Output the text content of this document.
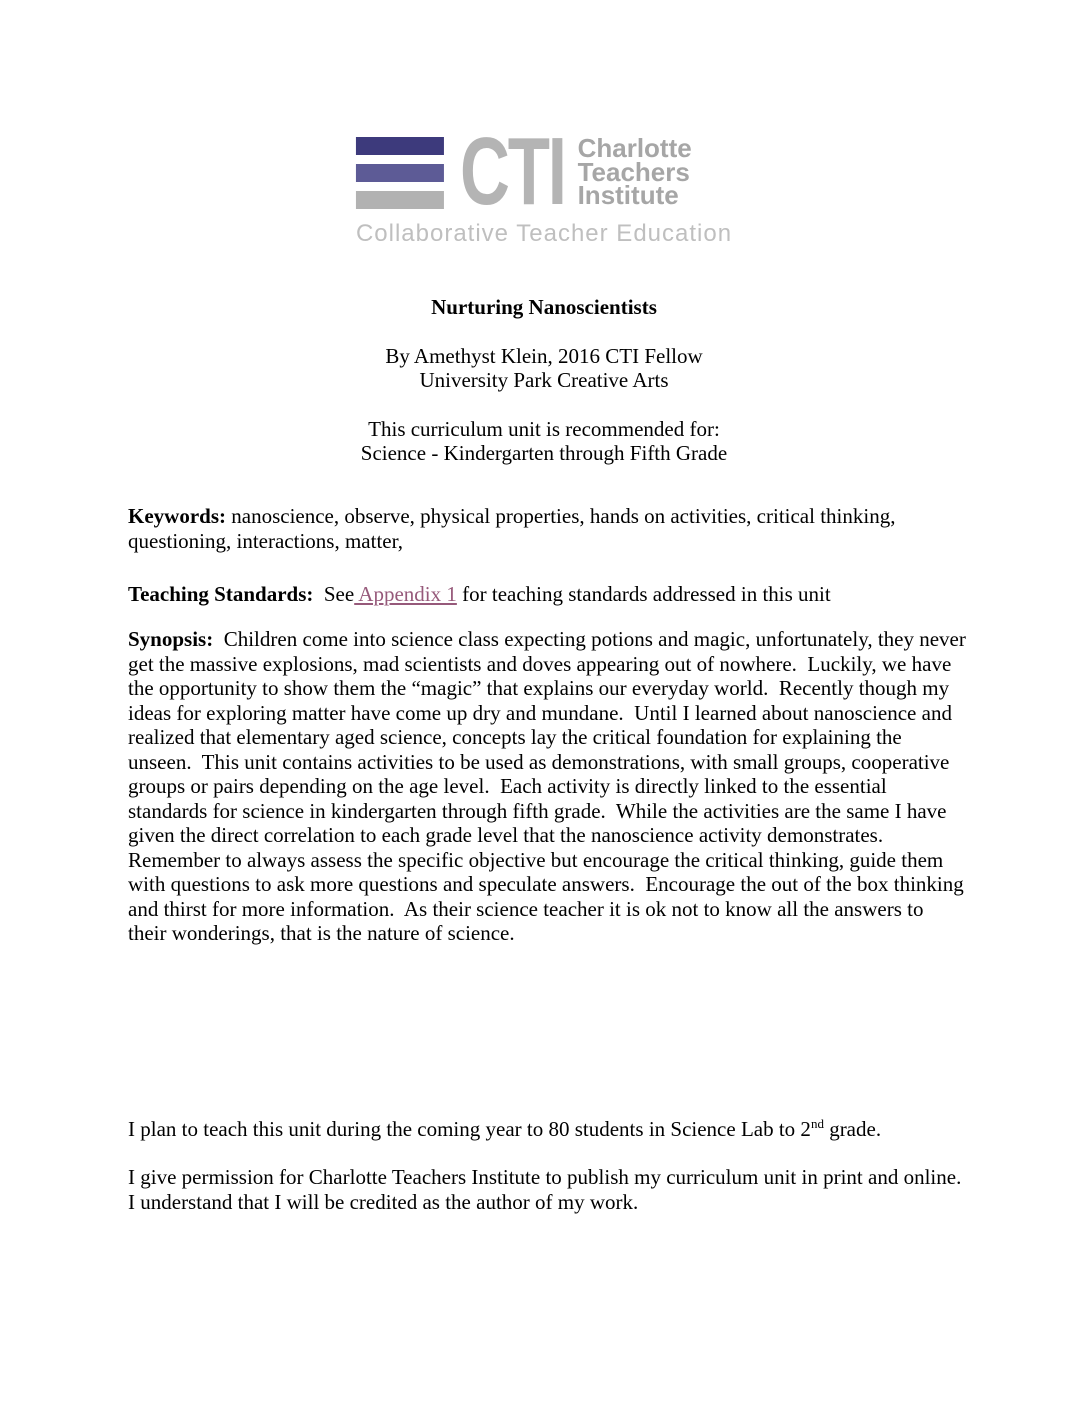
CTI Charlotte
Teachers
Institute
Collaborative Teacher Education
Nurturing Nanoscientists
By Amethyst Klein, 2016 CTI Fellow
University Park Creative Arts
This curriculum unit is recommended for:
Science - Kindergarten through Fifth Grade

Keywords: nanoscience, observe, physical properties, hands on activities, critical thinking, questioning, interactions, matter,

Teaching Standards:  See Appendix 1 for teaching standards addressed in this unit

Synopsis:  Children come into science class expecting potions and magic, unfortunately, they never get the massive explosions, mad scientists and doves appearing out of nowhere.  Luckily, we have the opportunity to show them the “magic” that explains our everyday world.  Recently though my ideas for exploring matter have come up dry and mundane.  Until I learned about nanoscience and realized that elementary aged science, concepts lay the critical foundation for explaining the unseen.  This unit contains activities to be used as demonstrations, with small groups, cooperative groups or pairs depending on the age level.  Each activity is directly linked to the essential standards for science in kindergarten through fifth grade.  While the activities are the same I have given the direct correlation to each grade level that the nanoscience activity demonstrates.  Remember to always assess the specific objective but encourage the critical thinking, guide them with questions to ask more questions and speculate answers.  Encourage the out of the box thinking and thirst for more information.  As their science teacher it is ok not to know all the answers to their wonderings, that is the nature of science.

I plan to teach this unit during the coming year to 80 students in Science Lab to 2nd grade.

I give permission for Charlotte Teachers Institute to publish my curriculum unit in print and online. I understand that I will be credited as the author of my work.
